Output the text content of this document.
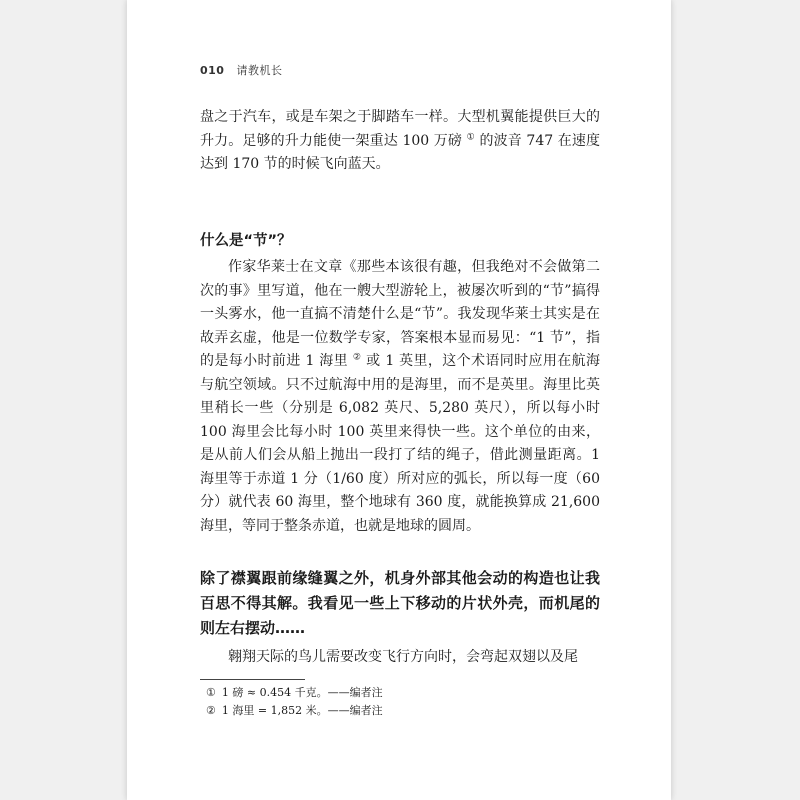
010 请教机长

盘之于汽车，或是车架之于脚踏车一样。大型机翼能提供巨大的升力。足够的升力能使一架重达 100 万磅 ① 的波音 747 在速度达到 170 节的时候飞向蓝天。

什么是“节”？

作家华莱士在文章《那些本该很有趣，但我绝对不会做第二次的事》里写道，他在一艘大型游轮上，被屡次听到的“节”搞得一头雾水，他一直搞不清楚什么是“节”。我发现华莱士其实是在故弄玄虚，他是一位数学专家，答案根本显而易见：“1 节”，指的是每小时前进 1 海里 ② 或 1 英里，这个术语同时应用在航海与航空领域。只不过航海中用的是海里，而不是英里。海里比英里稍长一些（分别是 6,082 英尺、5,280 英尺），所以每小时 100 海里会比每小时 100 英里来得快一些。这个单位的由来，是从前人们会从船上抛出一段打了结的绳子，借此测量距离。1 海里等于赤道 1 分（1/60 度）所对应的弧长，所以每一度（60 分）就代表 60 海里，整个地球有 360 度，就能换算成 21,600 海里，等同于整条赤道，也就是地球的圆周。

除了襟翼跟前缘缝翼之外，机身外部其他会动的构造也让我百思不得其解。我看见一些上下移动的片状外壳，而机尾的则左右摆动……
翱翔天际的鸟儿需要改变飞行方向时，会弯起双翅以及尾
① 1 磅 ≈ 0.454 千克。——编者注
② 1 海里 = 1,852 米。——编者注
